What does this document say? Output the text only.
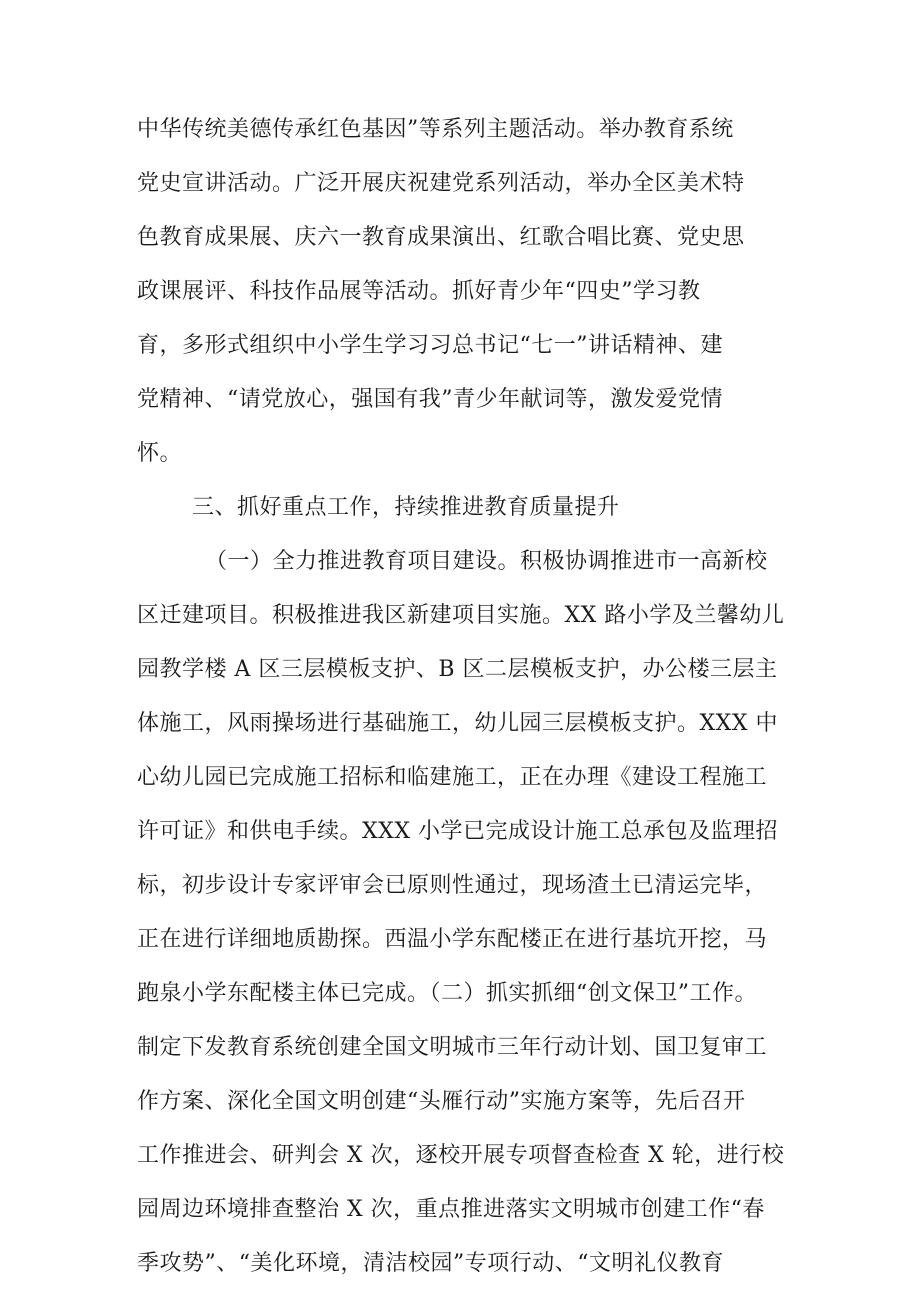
中华传统美德传承红色基因”等系列主题活动。举办教育系统
党史宣讲活动。广泛开展庆祝建党系列活动，举办全区美术特
色教育成果展、庆六一教育成果演出、红歌合唱比赛、党史思
政课展评、科技作品展等活动。抓好青少年“四史”学习教
育，多形式组织中小学生学习习总书记“七一”讲话精神、建
党精神、“请党放心，强国有我”青少年献词等，激发爱党情
怀。
三、抓好重点工作，持续推进教育质量提升
（一）全力推进教育项目建设。积极协调推进市一高新校
区迁建项目。积极推进我区新建项目实施。XX 路小学及兰馨幼儿
园教学楼 A 区三层模板支护、B 区二层模板支护，办公楼三层主
体施工，风雨操场进行基础施工，幼儿园三层模板支护。XXX 中
心幼儿园已完成施工招标和临建施工，正在办理《建设工程施工
许可证》和供电手续。XXX 小学已完成设计施工总承包及监理招
标，初步设计专家评审会已原则性通过，现场渣土已清运完毕，
正在进行详细地质勘探。西温小学东配楼正在进行基坑开挖，马
跑泉小学东配楼主体已完成。（二）抓实抓细“创文保卫”工作。
制定下发教育系统创建全国文明城市三年行动计划、国卫复审工
作方案、深化全国文明创建“头雁行动”实施方案等，先后召开
工作推进会、研判会 X 次，逐校开展专项督查检查 X 轮，进行校
园周边环境排查整治 X 次，重点推进落实文明城市创建工作“春
季攻势”、“美化环境，清洁校园”专项行动、“文明礼仪教育
